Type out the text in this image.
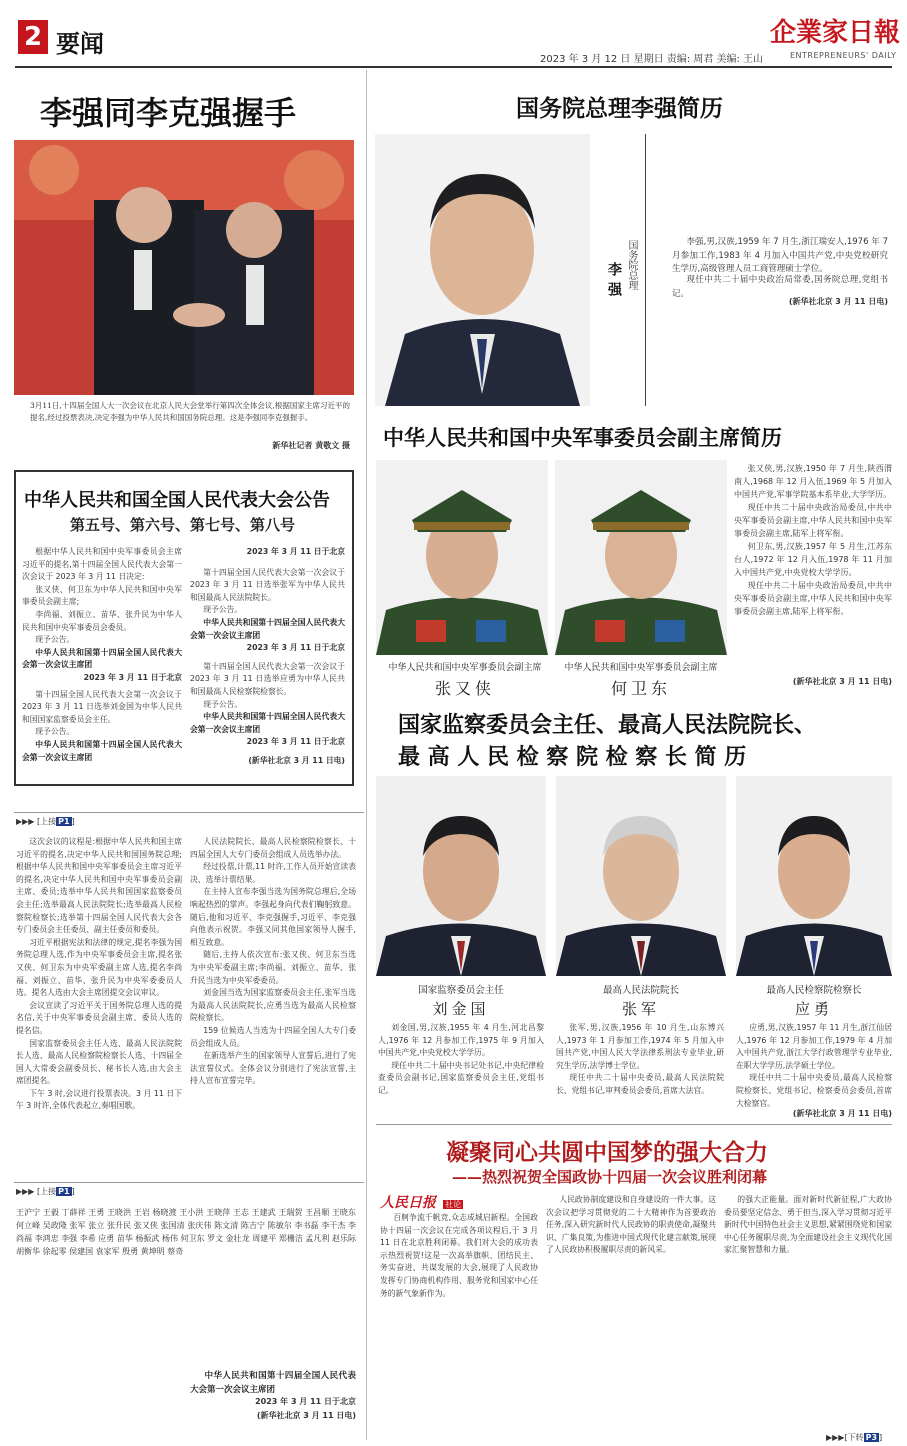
2 要闻	企業家日報
2023 年 3 月 12 日 星期日 责编: 周君 美编: 王山	ENTREPRENEURS' DAILY
李强同李克强握手
3月11日,十四届全国人大一次会议在北京人民大会堂举行第四次全体会议,根据国家主席习近平的提名,经过投票表决,决定李强为中华人民共和国国务院总理。这是李强同李克强握手。
新华社记者 黄敬文 摄
国务院总理李强简历
国务院总理
李强
李强,男,汉族,1959 年 7 月生,浙江瑞安人,1976 年 7 月参加工作,1983 年 4 月加入中国共产党,中央党校研究生学历,高级管理人员工商管理硕士学位。
现任中共二十届中央政治局常委,国务院总理,党组书记。
(新华社北京 3 月 11 日电)
中华人民共和国中央军事委员会副主席简历
中华人民共和国中央军事委员会副主席
张又侠
中华人民共和国中央军事委员会副主席
何卫东

张又侠,男,汉族,1950 年 7 月生,陕西渭南人,1968 年 12 月入伍,1969 年 5 月加入中国共产党,军事学院基本系毕业,大学学历。

现任中共二十届中央政治局委员,中共中央军事委员会副主席,中华人民共和国中央军事委员会副主席,陆军上将军衔。

何卫东,男,汉族,1957 年 5 月生,江苏东台人,1972 年 12 月入伍,1978 年 11 月加入中国共产党,中央党校大学学历。

现任中共二十届中央政治局委员,中共中央军事委员会副主席,中华人民共和国中央军事委员会副主席,陆军上将军衔。

(新华社北京 3 月 11 日电)
中华人民共和国全国人民代表大会公告
第五号、第六号、第七号、第八号

根据中华人民共和国中央军事委员会主席习近平的提名,第十四届全国人民代表大会第一次会议于 2023 年 3 月 11 日决定:

张又侠、何卫东为中华人民共和国中央军事委员会副主席;

李尚福、刘振立、苗华、张升民为中华人民共和国中央军事委员会委员。

现予公告。

中华人民共和国第十四届全国人民代表大会第一次会议主席团
2023 年 3 月 11 日于北京

第十四届全国人民代表大会第一次会议于 2023 年 3 月 11 日选举刘金国为中华人民共和国国家监察委员会主任。

现予公告。

中华人民共和国第十四届全国人民代表大会第一次会议主席团
2023 年 3 月 11 日于北京

第十四届全国人民代表大会第一次会议于 2023 年 3 月 11 日选举张军为中华人民共和国最高人民法院院长。

现予公告。

中华人民共和国第十四届全国人民代表大会第一次会议主席团
2023 年 3 月 11 日于北京

第十四届全国人民代表大会第一次会议于 2023 年 3 月 11 日选举应勇为中华人民共和国最高人民检察院检察长。

现予公告。

中华人民共和国第十四届全国人民代表大会第一次会议主席团
2023 年 3 月 11 日于北京
(新华社北京 3 月 11 日电)
国家监察委员会主任、最高人民法院院长、
最 高 人 民 检 察 院 检 察 长 简 历
国家监察委员会主任
刘金国
最高人民法院院长
张军
最高人民检察院检察长
应勇

刘金国,男,汉族,1955 年 4 月生,河北昌黎人,1976 年 12 月参加工作,1975 年 9 月加入中国共产党,中央党校大学学历。

现任中共二十届中央书记处书记,中央纪律检查委员会副书记,国家监察委员会主任,党组书记。

张军,男,汉族,1956 年 10 月生,山东博兴人,1973 年 1 月参加工作,1974 年 5 月加入中国共产党,中国人民大学法律系刑法专业毕业,研究生学历,法学博士学位。

现任中共二十届中央委员,最高人民法院院长、党组书记,审判委员会委员,首席大法官。

应勇,男,汉族,1957 年 11 月生,浙江仙居人,1976 年 12 月参加工作,1979 年 4 月加入中国共产党,浙江大学行政管理学专业毕业,在职大学学历,法学硕士学位。

现任中共二十届中央委员,最高人民检察院检察长、党组书记、检察委员会委员,首席大检察官。

(新华社北京 3 月 11 日电)
▶▶▶ [上接 P1 ]

这次会议的议程是:根据中华人民共和国主席习近平的提名,决定中华人民共和国国务院总理;根据中华人民共和国中央军事委员会主席习近平的提名,决定中华人民共和国中央军事委员会副主席、委员;选举中华人民共和国国家监察委员会主任;选举最高人民法院院长;选举最高人民检察院检察长;选举第十四届全国人民代表大会各专门委员会主任委员、副主任委员和委员。

习近平根据宪法和法律的规定,提名李强为国务院总理人选,作为中央军事委员会主席,提名张又侠、何卫东为中央军委副主席人选,提名李尚福、刘振立、苗华、张升民为中央军委委员人选。提名人选由大会主席团提交会议审议。

会议宣读了习近平关于国务院总理人选的提名信,关于中央军事委员会副主席、委员人选的提名信。

国家监察委员会主任人选、最高人民法院院长人选、最高人民检察院检察长人选、十四届全国人大常委会副委员长、秘书长人选,由大会主席团提名。

下午 3 时,会议进行投票表决。3 月 11 日下午 3 时许,全体代表起立,奏唱国歌。

人民法院院长、最高人民检察院检察长、十四届全国人大专门委员会组成人员选举办法。

经过投票,计票,11 时许,工作人员开始宣读表决、选举计票结果。

在主持人宣布李强当选为国务院总理后,全场响起热烈的掌声。李强起身向代表们鞠躬致意。随后,他和习近平、李克强握手,习近平、李克强向他表示祝贺。李强又同其他国家领导人握手,相互致意。

随后,主持人依次宣布:张又侠、何卫东当选为中央军委副主席;李尚福、刘振立、苗华、张升民当选为中央军委委员。

刘金国当选为国家监察委员会主任,张军当选为最高人民法院院长,应勇当选为最高人民检察院检察长。

159 位候选人当选为十四届全国人大专门委员会组成人员。

在新选举产生的国家领导人宣誓后,进行了宪法宣誓仪式。全体会议分别进行了宪法宣誓,主持人宣布宣誓完毕。

▶▶▶ [上接 P1 ]
王沪宁 王毅 丁薛祥 王勇 王晓洪 王岩 杨晓渡 王小洪 王晓萍 王志 王建武 王瑞贺 王昌顺 王晓东 何立峰 吴政隆 张军 张立 张升民 张又侠 张国清 张庆伟 陈文清 陈吉宁 陈敏尔 李书磊 李干杰 李尚福 李鸿忠 李强 李希 应勇 苗华 杨振武 杨伟 何卫东 罗文 金壮龙 周建平 郑栅洁 孟凡利 赵乐际 胡衡华 徐起零 侯建国 袁家军 殷勇 黄坤明 蔡奇
中华人民共和国第十四届全国人民代表大会第一次会议主席团
2023 年 3 月 11 日于北京
(新华社北京 3 月 11 日电)
凝聚同心共圆中国梦的强大合力
——热烈祝贺全国政协十四届一次会议胜利闭幕
人民日报 社论
百舸争流千帆竞,众志成城启新程。全国政协十四届一次会议在完成各项议程后,于 3 月 11 日在北京胜利闭幕。我们对大会的成功表示热烈祝贺!这是一次高举旗帜、团结民主、务实奋进、共谋发展的大会,展现了人民政协发挥专门协商机构作用、服务党和国家中心任务的新气象新作为。
人民政协制度建设和自身建设的一件大事。这次会议把学习贯彻党的二十大精神作为首要政治任务,深入研究新时代人民政协的职责使命,凝聚共识、广集良策,为推进中国式现代化建言献策,展现了人民政协积极履职尽责的新风采。
的强大正能量。面对新时代新征程,广大政协委员要坚定信念、勇于担当,深入学习贯彻习近平新时代中国特色社会主义思想,紧紧围绕党和国家中心任务履职尽责,为全面建设社会主义现代化国家汇聚智慧和力量。
▶▶▶[下转 P3 ]
